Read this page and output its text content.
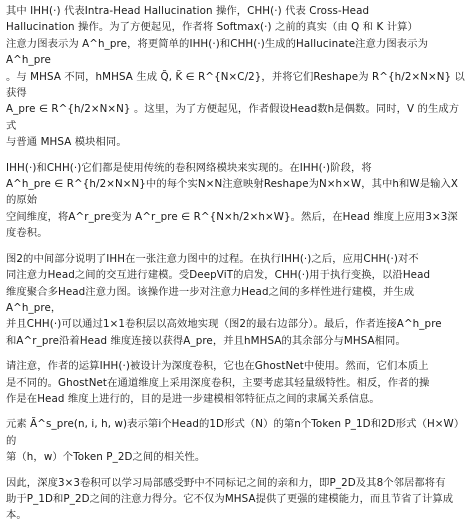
其中 IHH(·) 代表Intra-Head Hallucination 操作，CHH(·) 代表 Cross-Head
Hallucination 操作。为了方便起见，作者将 Softmax(·) 之前的真实（由 Q 和 K 计算）
注意力图表示为 A^h_pre，将更简单的IHH(·)和CHH(·)生成的Hallucinate注意力图表示为 A^h_pre
。与 MHSA 不同，hMHSA 生成 Q̃, K̃ ∈ R^{N×C/2}，并将它们Reshape为 R^{h/2×N×N} 以获得
A_pre ∈ R^{h/2×N×N} 。这里，为了方便起见，作者假设Head数h是偶数。同时，V 的生成方式
与普通 MHSA 模块相同。

IHH(·)和CHH(·)它们都是使用传统的卷积网络模块来实现的。在IHH(·)阶段，将
A^h_pre ∈ R^{h/2×N×N}中的每个实N×N注意映射Reshape为N×h×W，其中h和W是输入X的原始
空间维度，将A^r_pre变为 A^r_pre ∈ R^{N×h/2×h×W}。然后，在Head 维度上应用3×3深度卷积。

图2的中间部分说明了IHH在一张注意力图中的过程。在执行IHH(·)之后，应用CHH(·)对不
同注意力Head之间的交互进行建模。受DeepViT的启发，CHH(·)用于执行变换，以沿Head
维度聚合多Head注意力图。该操作进一步对注意力Head之间的多样性进行建模，并生成 A^h_pre，
并且CHH(·)可以通过1×1卷积层以高效地实现（图2的最右边部分）。最后，作者连接A^h_pre
和A^r_pre沿着Head 维度连接以获得A_pre，并且hMHSA的其余部分与MHSA相同。

请注意，作者的运算IHH(·)被设计为深度卷积，它也在GhostNet中使用。然而，它们本质上
是不同的。GhostNet在通道维度上采用深度卷积，主要考虑其轻量级特性。相反，作者的操
作是在Head 维度上进行的，目的是进一步建模相邻特征点之间的隶属关系信息。

元素 Ã^s_pre(n, i, h, w)表示第i个Head的1D形式（N）的第n个Token P_1D和2D形式（H×W）的
第（h，w）个Token P_2D之间的相关性。

因此，深度3×3卷积可以学习局部感受野中不同标记之间的亲和力，即P_2D及其8个邻居都将有
助于P_1D和P_2D之间的注意力得分。它不仅为MHSA提供了更强的建模能力，而且节省了计算成本。
